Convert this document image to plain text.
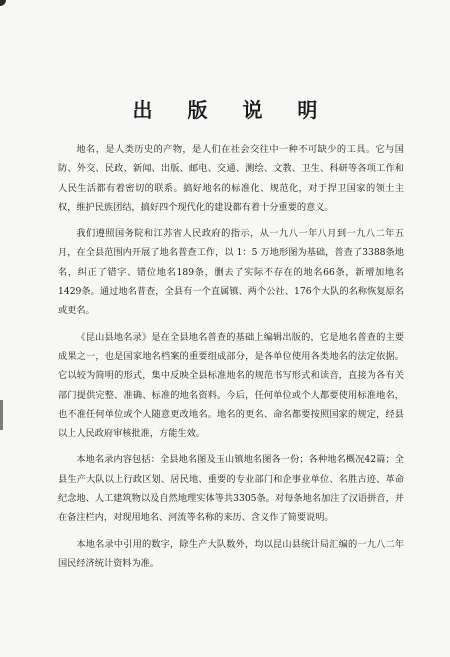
出 版 说 明

地名，是人类历史的产物，是人们在社会交往中一种不可缺少的工具。它与国防、外交、民政、新闻、出版、邮电、交通、测绘、文教、卫生、科研等各项工作和人民生活都有着密切的联系。搞好地名的标准化、规范化，对于捍卫国家的领土主权，维护民族团结，搞好四个现代化的建设都有着十分重要的意义。

我们遵照国务院和江苏省人民政府的指示，从一九八一年八月到一九八二年五月，在全县范围内开展了地名普查工作，以 1：5 万地形图为基础，普查了3388条地名，纠正了错字、错位地名189条，删去了实际不存在的地名66条，新增加地名1429条。通过地名普查，全县有一个直属镇、两个公社、176个大队的名称恢复原名或更名。

《昆山县地名录》是在全县地名普查的基础上编辑出版的，它是地名普查的主要成果之一，也是国家地名档案的重要组成部分，是各单位使用各类地名的法定依据。它以较为简明的形式，集中反映全县标准地名的规范书写形式和读音，直接为各有关部门提供完整、准确、标准的地名资料。今后，任何单位或个人都要使用标准地名，也不准任何单位或个人随意更改地名。地名的更名、命名都要按照国家的规定，经县以上人民政府审核批准，方能生效。

本地名录内容包括：全县地名图及玉山镇地名图各一份；各种地名概况42篇；全县生产大队以上行政区划、居民地、重要的专业部门和企事业单位、名胜古迹、革命纪念地、人工建筑物以及自然地理实体等共3305条。对每条地名加注了汉语拼音，并在备注栏内，对现用地名、河流等名称的来历、含义作了简要说明。

本地名录中引用的数字，除生产大队数外，均以昆山县统计局汇编的一九八二年国民经济统计资料为准。
